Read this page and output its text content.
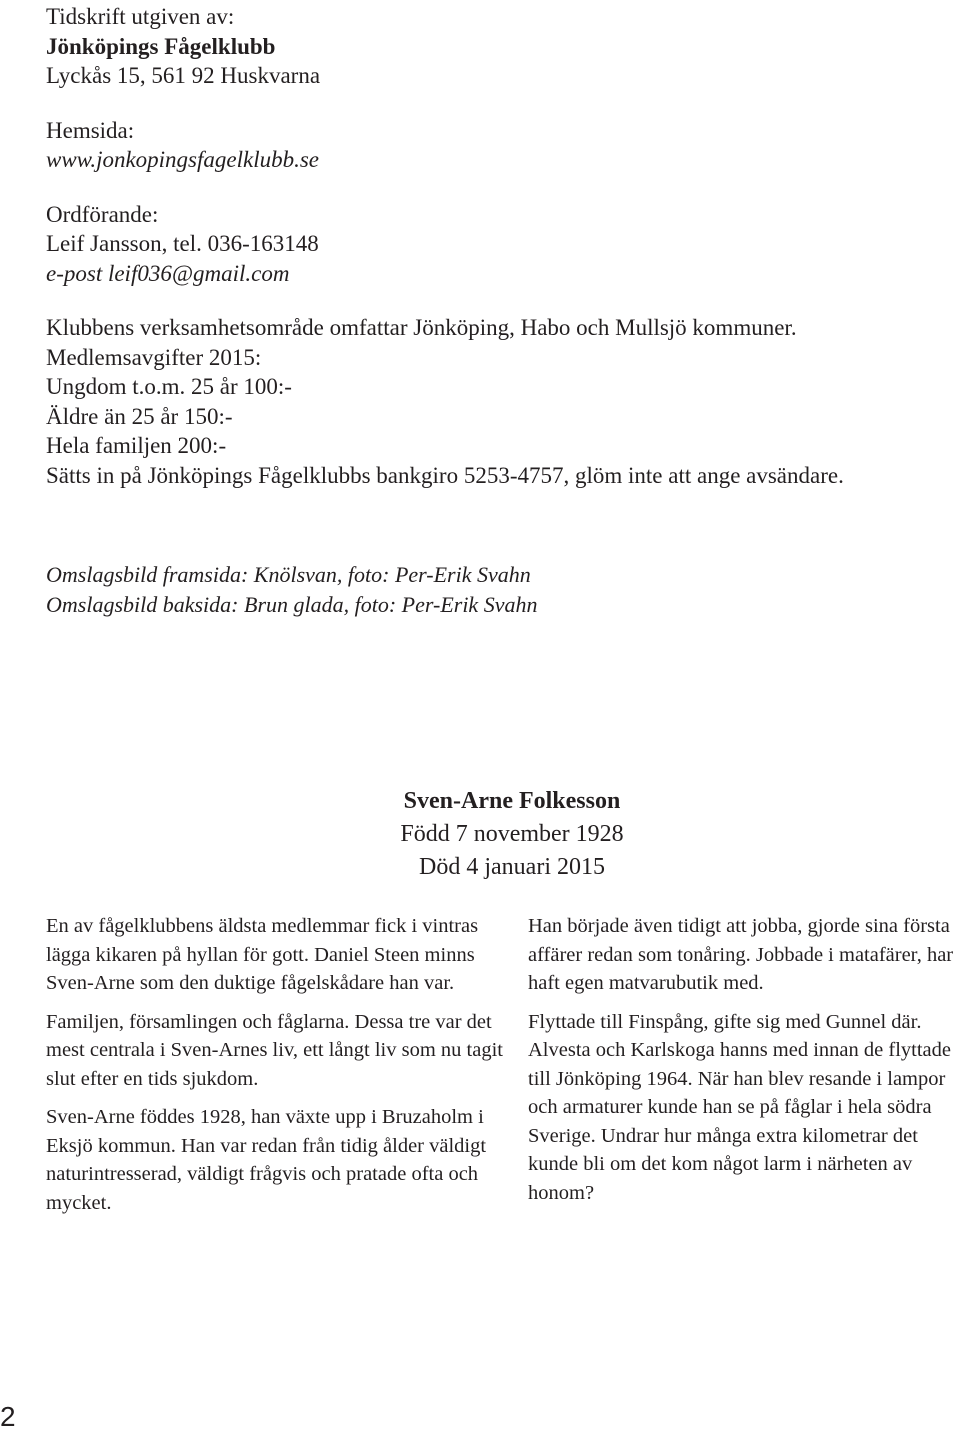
Tidskrift utgiven av:
Jönköpings Fågelklubb
Lyckås 15, 561 92 Huskvarna
Hemsida:
www.jonkopingsfagelklubb.se
Ordförande:
Leif Jansson, tel. 036-163148
e-post leif036@gmail.com
Klubbens verksamhetsområde omfattar Jönköping, Habo och Mullsjö kommuner.
Medlemsavgifter 2015:
Ungdom t.o.m. 25 år 100:-
Äldre än 25 år 150:-
Hela familjen 200:-
Sätts in på Jönköpings Fågelklubbs bankgiro 5253-4757, glöm inte att ange avsändare.
Omslagsbild framsida: Knölsvan, foto: Per-Erik Svahn
Omslagsbild baksida: Brun glada, foto: Per-Erik Svahn
Sven-Arne Folkesson
Född 7 november 1928
Död 4 januari 2015

En av fågelklubbens äldsta medlemmar fick i vintras lägga kikaren på hyllan för gott. Daniel Steen minns Sven-Arne som den duktige fågelskådare han var.

Familjen, församlingen och fåglarna. Dessa tre var det mest centrala i Sven-Arnes liv, ett långt liv som nu tagit slut efter en tids sjukdom.

Sven-Arne föddes 1928, han växte upp i Bruzaholm i Eksjö kommun. Han var redan från tidig ålder väldigt naturintresserad, väldigt frågvis och pratade ofta och mycket.

Han började även tidigt att jobba, gjorde sina första affärer redan som tonåring. Jobbade i matafärer, har haft egen matvarubutik med.

Flyttade till Finspång, gifte sig med Gunnel där. Alvesta och Karlskoga hanns med innan de flyttade till Jönköping 1964. När han blev resande i lampor och armaturer kunde han se på fåglar i hela södra Sverige. Undrar hur många extra kilometrar det kunde bli om det kom något larm i närheten av honom?

2
